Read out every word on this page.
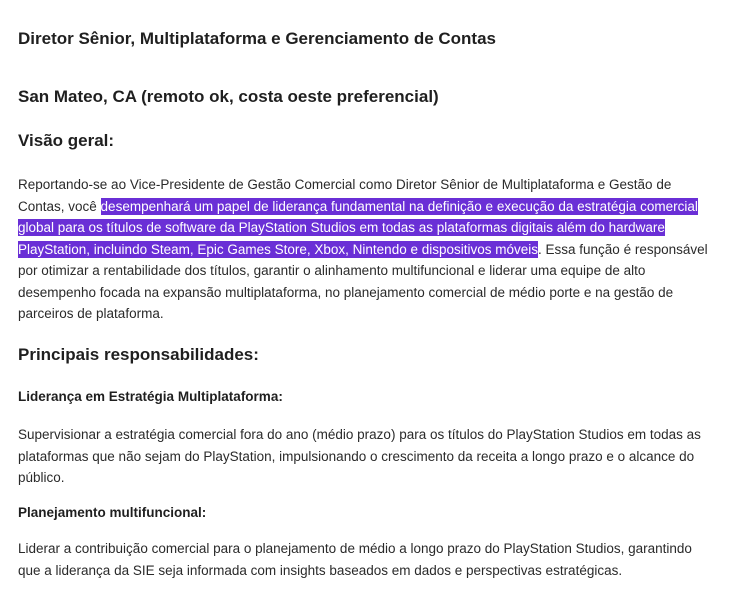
Diretor Sênior, Multiplataforma e Gerenciamento de Contas
San Mateo, CA (remoto ok, costa oeste preferencial)
Visão geral:
Reportando-se ao Vice-Presidente de Gestão Comercial como Diretor Sênior de Multiplataforma e Gestão de Contas, você desempenhará um papel de liderança fundamental na definição e execução da estratégia comercial global para os títulos de software da PlayStation Studios em todas as plataformas digitais além do hardware PlayStation, incluindo Steam, Epic Games Store, Xbox, Nintendo e dispositivos móveis. Essa função é responsável por otimizar a rentabilidade dos títulos, garantir o alinhamento multifuncional e liderar uma equipe de alto desempenho focada na expansão multiplataforma, no planejamento comercial de médio porte e na gestão de parceiros de plataforma.
Principais responsabilidades:
Liderança em Estratégia Multiplataforma:
Supervisionar a estratégia comercial fora do ano (médio prazo) para os títulos do PlayStation Studios em todas as plataformas que não sejam do PlayStation, impulsionando o crescimento da receita a longo prazo e o alcance do público.
Planejamento multifuncional:
Liderar a contribuição comercial para o planejamento de médio a longo prazo do PlayStation Studios, garantindo que a liderança da SIE seja informada com insights baseados em dados e perspectivas estratégicas.
